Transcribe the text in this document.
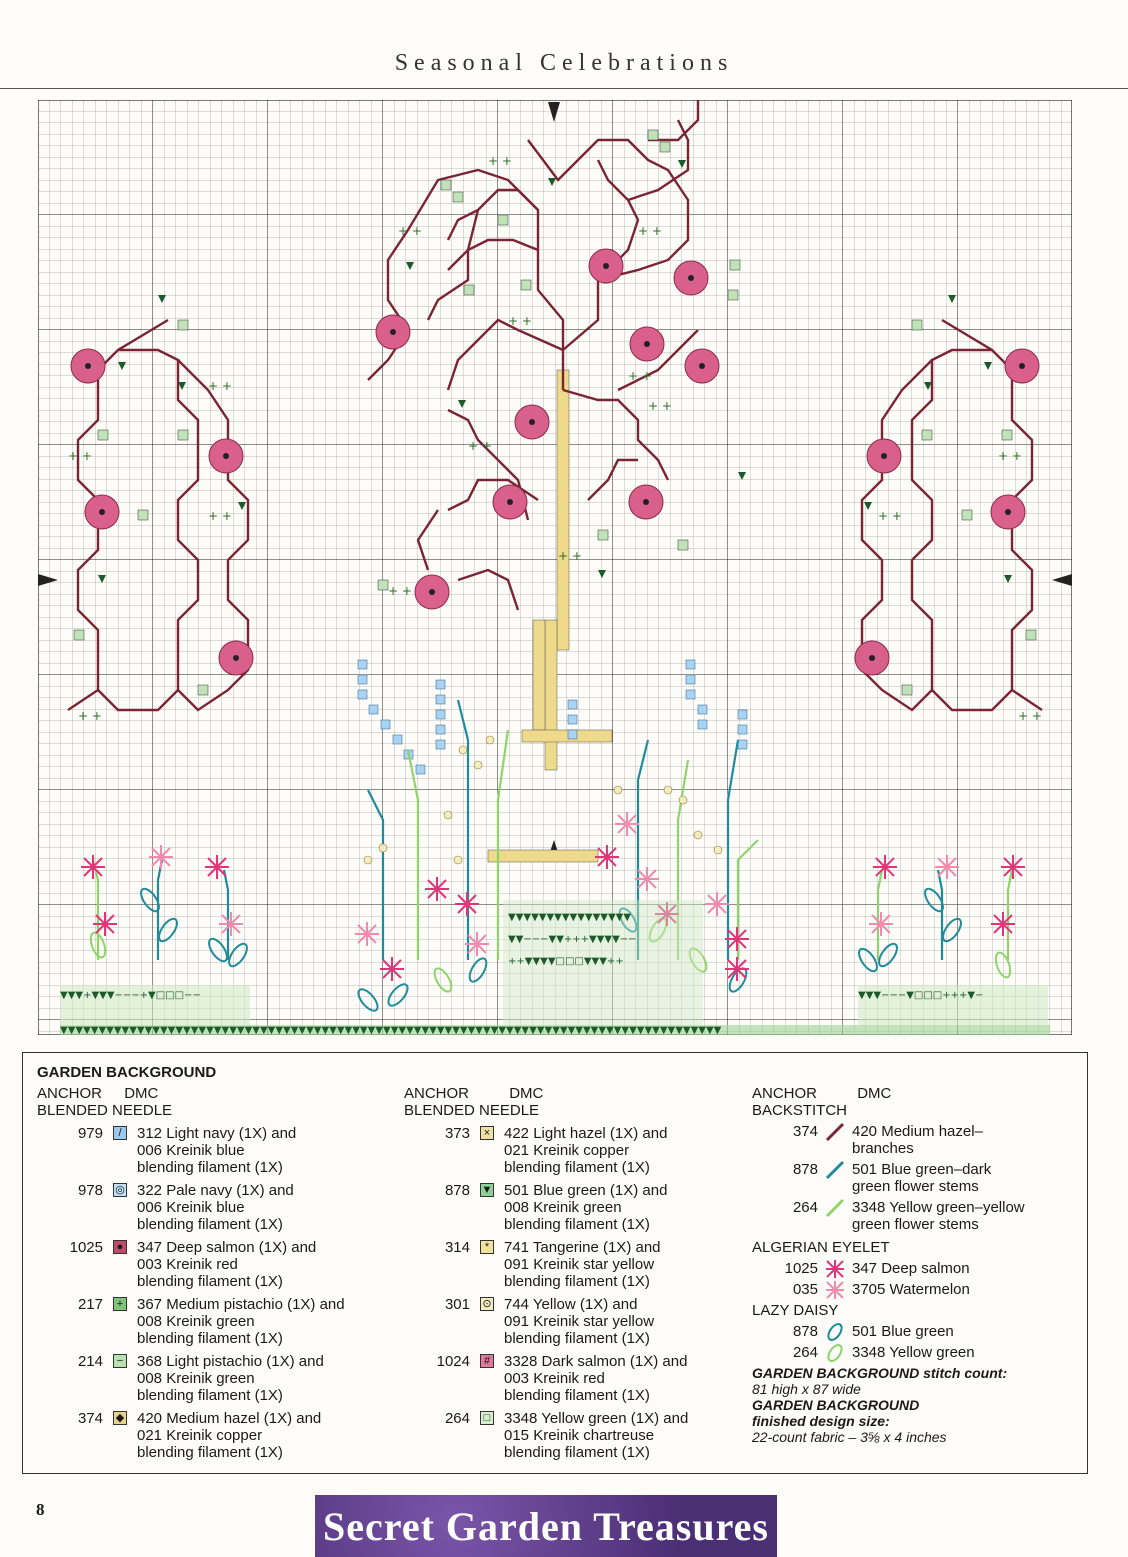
Seasonal Celebrations
+ +
+ +
+ +
+ +
+ +
+ +
+ +
+ +
+ +
+ +
+ +
+ +
+ +
+ +
+ +
+ +
▼▼▼▼▼▼▼▼▼▼▼▼▼▼▼▼▼▼▼▼▼▼▼▼▼▼▼▼▼▼▼▼▼▼▼▼▼▼▼▼▼▼▼▼▼▼▼▼▼▼▼▼▼▼▼▼▼▼▼▼▼▼▼▼▼▼▼▼▼▼▼▼▼▼▼▼▼▼▼▼▼▼▼▼▼▼
▼▼▼+▼▼▼−−−+▼□□□−−	▼▼▼−−−▼□□□+++▼−
▼▼▼▼▼▼▼▼▼▼▼▼▼▼▼▼
▼▼−−−▼▼+++▼▼▼▼−−
++▼▼▼▼□□□▼▼▼++
GARDEN BACKGROUND
ANCHOR DMC
BLENDED NEEDLE
979	/	312 Light navy (1X) and
006 Kreinik blue
blending filament (1X)
978 ◎ 322 Pale navy (1X) and
006 Kreinik blue
blending filament (1X)
1025	● 347 Deep salmon (1X) and
003 Kreinik red
blending filament (1X)
217	+ 367 Medium pistachio (1X) and
008 Kreinik green
blending filament (1X)
214	− 368 Light pistachio (1X) and
008 Kreinik green
blending filament (1X)
374 ◆ 420 Medium hazel (1X) and
021 Kreinik copper
blending filament (1X)
ANCHOR	DMC
BLENDED NEEDLE
373	× 422 Light hazel (1X) and
021 Kreinik copper
blending filament (1X)
878 ▼ 501 Blue green (1X) and
008 Kreinik green
blending filament (1X)
314	* 741 Tangerine (1X) and
091 Kreinik star yellow
blending filament (1X)
301 ⊙ 744 Yellow (1X) and
091 Kreinik star yellow
blending filament (1X)
1024	# 3328 Dark salmon (1X) and
003 Kreinik red
blending filament (1X)
264	□ 3348 Yellow green (1X) and
015 Kreinik chartreuse
blending filament (1X)
ANCHOR	DMC
BACKSTITCH
374 420 Medium hazel–
branches
878 501 Blue green–dark
green flower stems
264 3348 Yellow green–yellow
green flower stems
ALGERIAN EYELET
1025 347 Deep salmon
035 3705 Watermelon
LAZY DAISY
878 501 Blue green
264 3348 Yellow green
GARDEN BACKGROUND stitch count:
81 high x 87 wide
GARDEN BACKGROUND
finished design size:
22-count fabric – 3⅝ x 4 inches
8	Secret Garden Treasures
